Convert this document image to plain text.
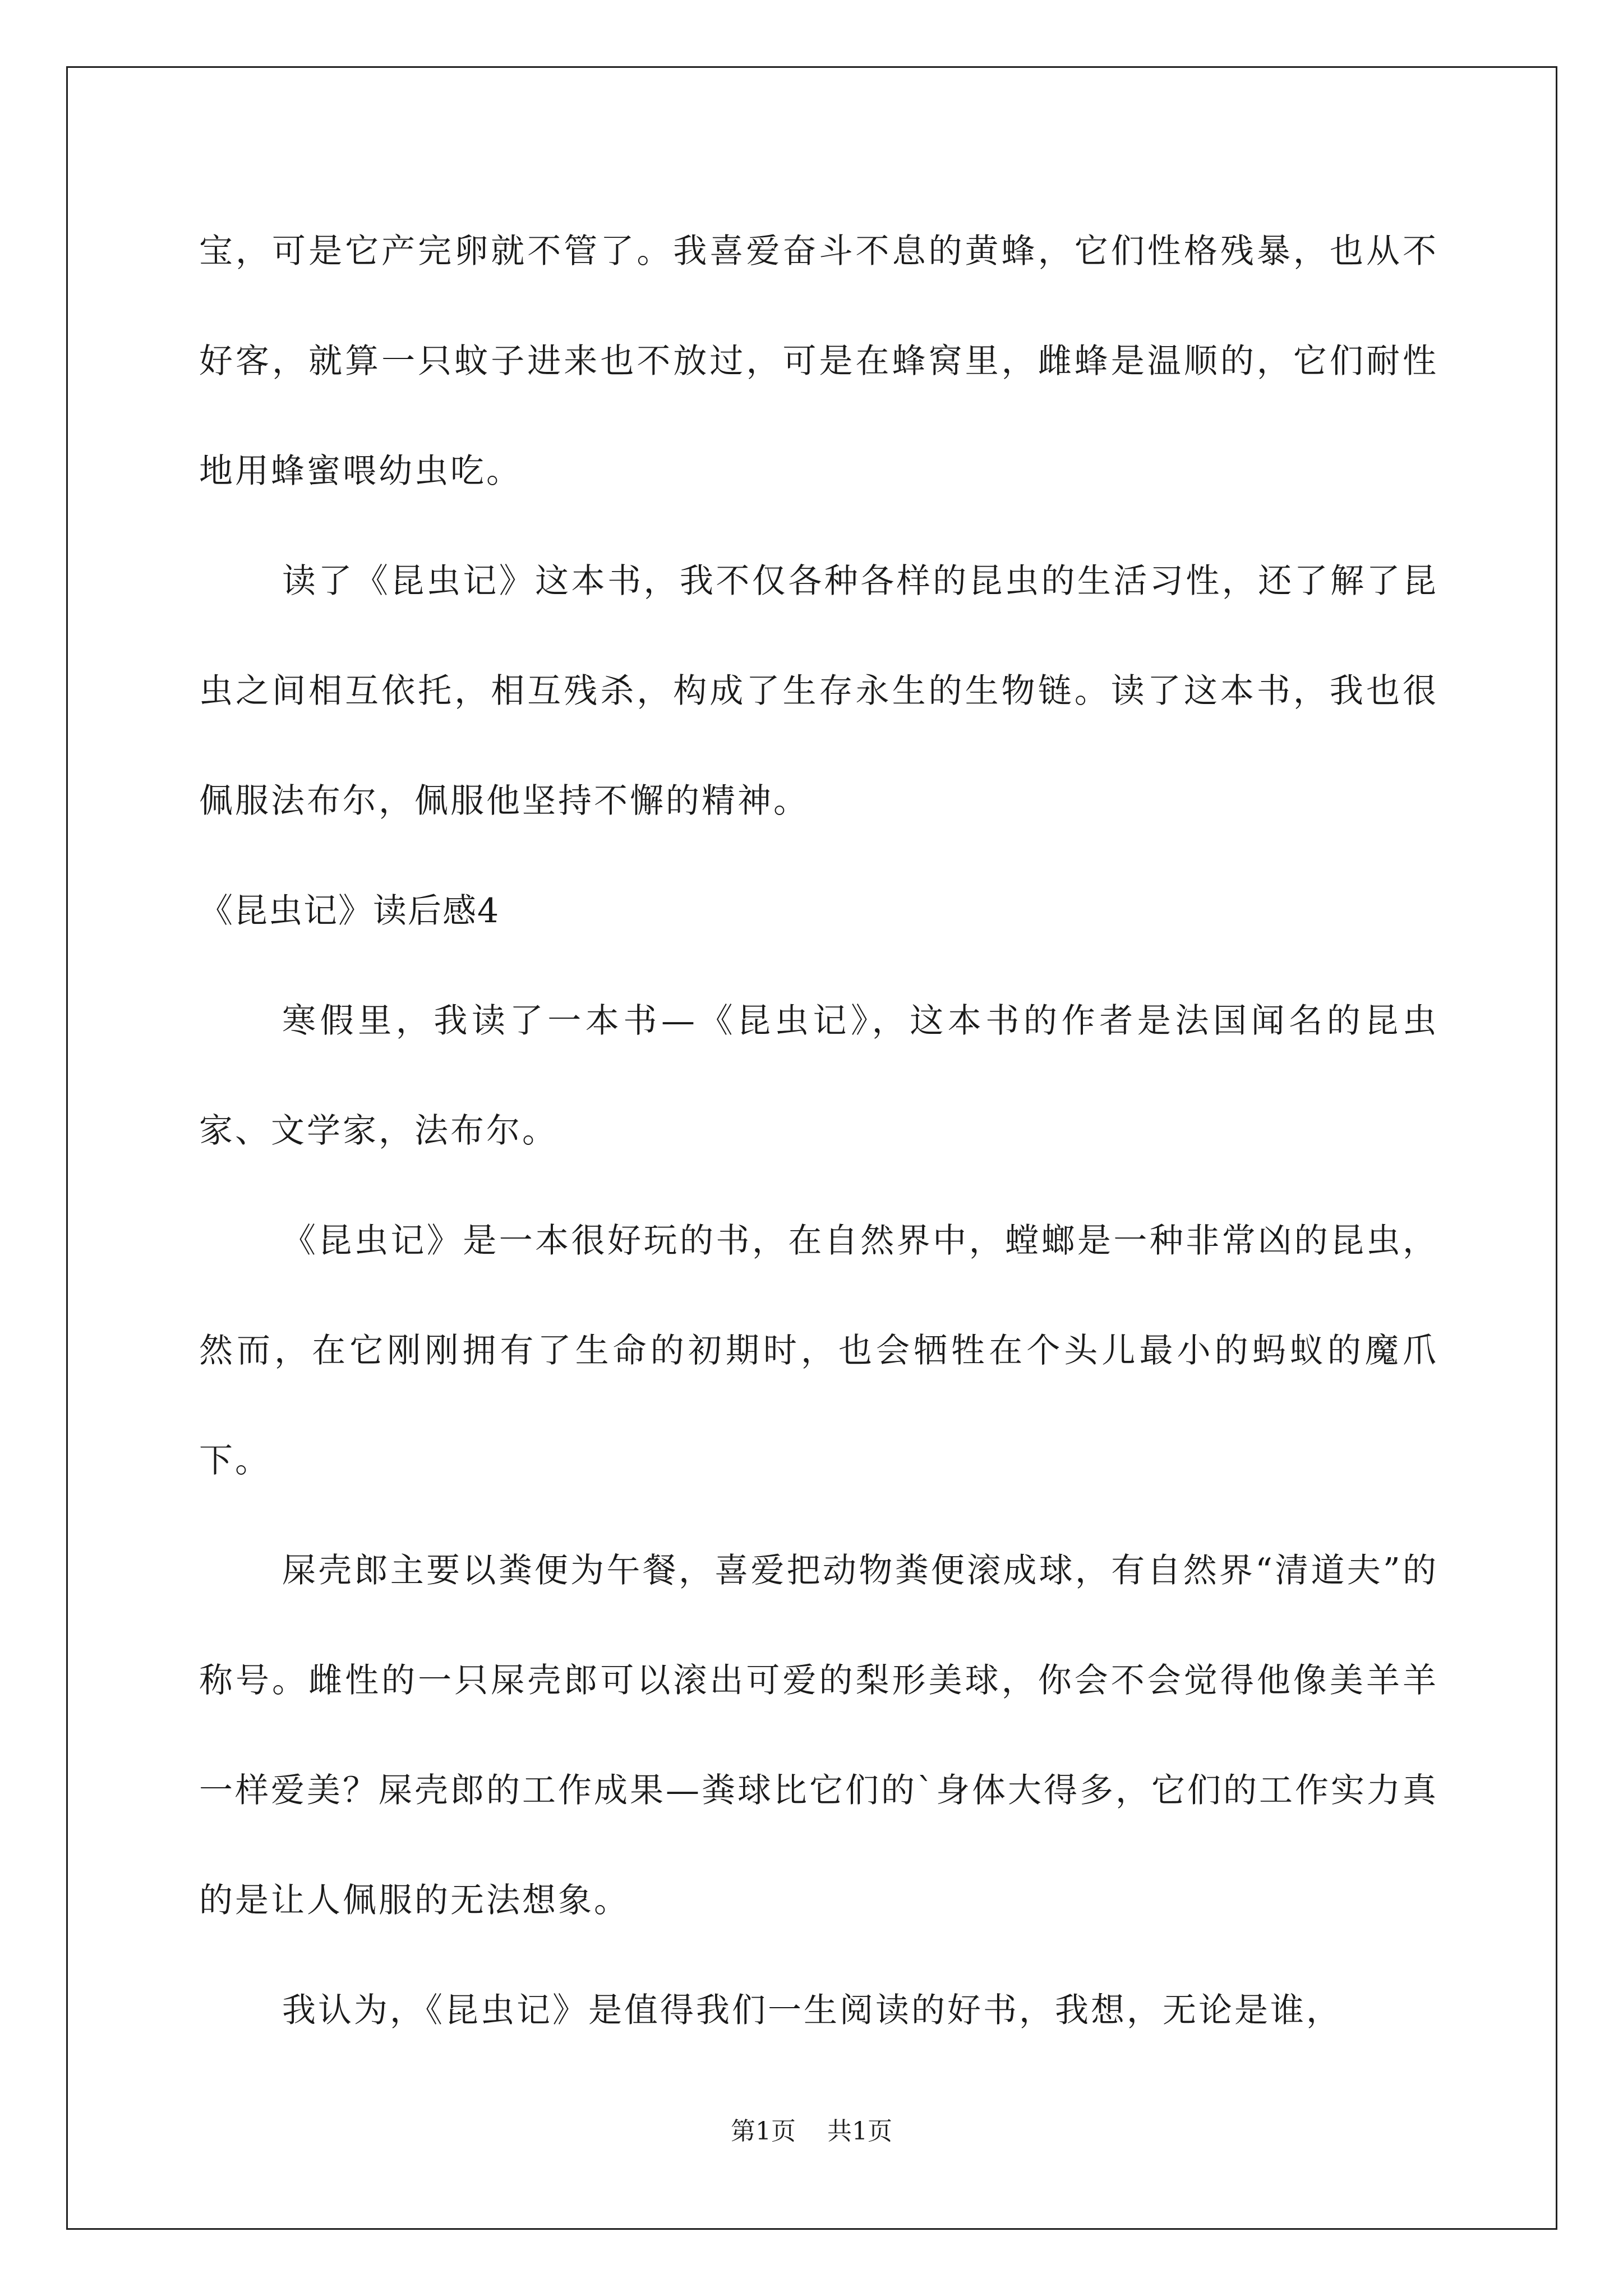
宝，可是它产完卵就不管了。我喜爱奋斗不息的黄蜂，它们性格残暴，也从不好客，就算一只蚊子进来也不放过，可是在蜂窝里，雌蜂是温顺的，它们耐性地用蜂蜜喂幼虫吃。

读了《昆虫记》这本书，我不仅各种各样的昆虫的生活习性，还了解了昆虫之间相互依托，相互残杀，构成了生存永生的生物链。读了这本书，我也很佩服法布尔，佩服他坚持不懈的精神。

《昆虫记》读后感4

寒假里，我读了一本书—《昆虫记》，这本书的作者是法国闻名的昆虫家、文学家，法布尔。

《昆虫记》是一本很好玩的书，在自然界中，螳螂是一种非常凶的昆虫，然而，在它刚刚拥有了生命的初期时，也会牺牲在个头儿最小的蚂蚁的魔爪下。

屎壳郎主要以粪便为午餐，喜爱把动物粪便滚成球，有自然界“清道夫”的称号。雌性的一只屎壳郎可以滚出可爱的梨形美球，你会不会觉得他像美羊羊一样爱美？屎壳郎的工作成果—粪球比它们的`身体大得多，它们的工作实力真的是让人佩服的无法想象。

我认为，《昆虫记》是值得我们一生阅读的好书，我想，无论是谁，

第1页 共1页
